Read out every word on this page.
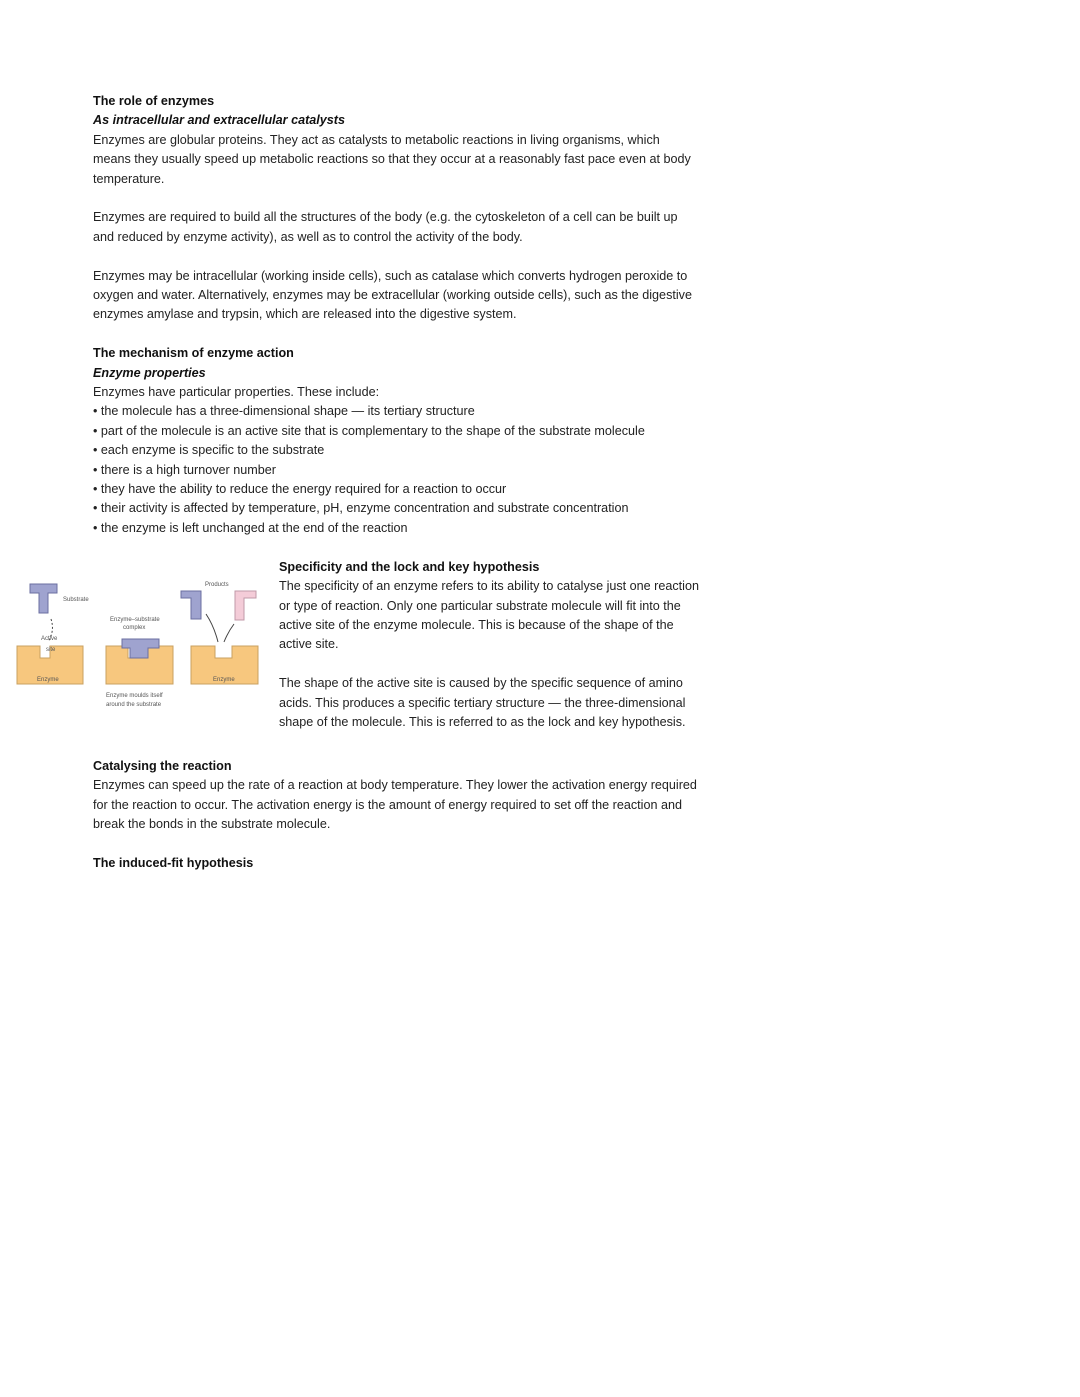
The role of enzymes

As intracellular and extracellular catalysts

Enzymes are globular proteins. They act as catalysts to metabolic reactions in living organisms, which means they usually speed up metabolic reactions so that they occur at a reasonably fast pace even at body temperature.

Enzymes are required to build all the structures of the body (e.g. the cytoskeleton of a cell can be built up and reduced by enzyme activity), as well as to control the activity of the body.

Enzymes may be intracellular (working inside cells), such as catalase which converts hydrogen peroxide to oxygen and water. Alternatively, enzymes may be extracellular (working outside cells), such as the digestive enzymes amylase and trypsin, which are released into the digestive system.

The mechanism of enzyme action

Enzyme properties

Enzymes have particular properties. These include:

• the molecule has a three-dimensional shape — its tertiary structure

• part of the molecule is an active site that is complementary to the shape of the substrate molecule

• each enzyme is specific to the substrate

• there is a high turnover number

• they have the ability to reduce the energy required for a reaction to occur

• their activity is affected by temperature, pH, enzyme concentration and substrate concentration

• the enzyme is left unchanged at the end of the reaction

Substrate
Active
site
Enzyme
Enzyme–substrate
complex
Enzyme moulds itself
around the substrate
Products
Enzyme

Specificity and the lock and key hypothesis

The specificity of an enzyme refers to its ability to catalyse just one reaction or type of reaction. Only one particular substrate molecule will fit into the active site of the enzyme molecule. This is because of the shape of the active site.

The shape of the active site is caused by the specific sequence of amino acids. This produces a specific tertiary structure — the three-dimensional shape of the molecule. This is referred to as the lock and key hypothesis.

Catalysing the reaction

Enzymes can speed up the rate of a reaction at body temperature. They lower the activation energy required for the reaction to occur. The activation energy is the amount of energy required to set off the reaction and break the bonds in the substrate molecule.

The induced-fit hypothesis
